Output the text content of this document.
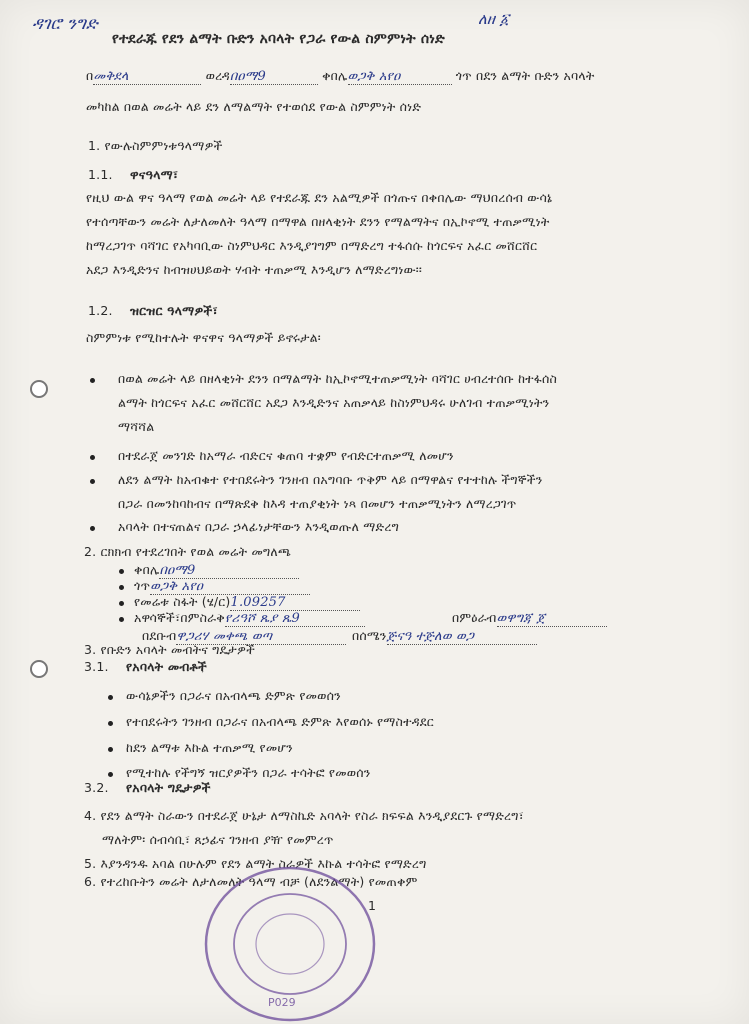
ዳገሮ ንግድ
የተደራጁ የደን ልማት ቡድን አባላት የጋራ የውል ስምምነት ሰነድ
ለዘ ፩
በመቅደላ	ወረዳበዐማ9	ቀበሌወጋቅ አየዐ	ጎጥ በደን ልማት ቡድን አባላት
መካከል በወል መሬት ላይ ደን ለማልማት የተወሰደ የውል ስምምነት ሰነድ
1. የውሉስምምነቱዓላማዎች
1.1. ዋናዓላማ፣
የዚህ ውል ዋና ዓላማ የወል መሬት ላይ የተደራጁ ደን አልሚዎች በጎጡና በቀበሌው ማህበረሰብ ውሳኔ
የተሰጣቸውን መሬት ለታለመለት ዓላማ በማዋል በዘላቂነት ደንን የማልማትና በኢኮኖሚ ተጠቃሚነት
ከማረጋገጥ ባሻገር የአካባቢው ስነምህዳር እንዲያገግም በማድረግ ተፋሰሱ ከጎርፍና አፈር መሸርሸር
አደጋ እንዲድንና ከብዝሀህይወት ሃብት ተጠቃሚ እንዲሆን ለማድረግነው፡፡
1.2. ዝርዝር ዓላማዎች፣
ስምምነቱ የሚከተሉት ዋናዋና ዓላማዎች ይኖሩታል፡
በወል መሬት ላይ በዘላቂነት ደንን በማልማት ከኢኮኖሚተጠቃሚነት ባሻገር ሀብረተሰቡ ከተፋሰስ
ልማት ከጎርፍና አፈር መሸርሸር አደጋ እንዲድንና አጠቃላይ ከስነምህዳሩ ሁለገብ ተጠቃሚነትን
ማሻሻል
በተደራጀ መንገድ ከአማራ ብድርና ቁጠባ ተቋም የብድርተጠቃሚ ለመሆን
ለደን ልማት ከአብቁተ የተበደሩትን ገንዘብ በአግባቡ ጥቅም ላይ በማዋልና የተተከሉ ችግኞችን
በጋራ በመንከባከብና በማጽደቅ ከእዳ ተጠያቂነት ነጻ በመሆን ተጠቃሚነትን ለማረጋገጥ
አባላት በተናጠልና በጋራ ኃላፊነታቸውን እንዲወጡለ ማድረግ
2. ርክክብ የተደረገበት የወል መሬት መግለጫ
ቀበሌበዐማ9
ጎጥወጋቅ አየዐ
የመሬቱ ስፋት (ሄ/ር)1.09257
አዋሳኞች፣በምስራቅየሪዓሾ ጼያ ጼ9	በምዕራብወዋግጃ ጀ
በደቡብዋጋሪሃ መቀጫ ወጣ	በሰሜንጅናዓ ተጅለወ ወጋ
3. የቡድን አባላት መብትና ግዴታዎች
3.1. የአባላት መብቶች
ውሳኔዎችን በጋራና በአብላጫ ድምጽ የመወሰን
የተበደሩትን ገንዘብ በጋራና በአብላጫ ድምጽ እየወሰኑ የማስተዳደር
ከደን ልማቱ እኩል ተጠቃሚ የመሆን
የሚተከሉ የችግኝ ዝርያዎችን በጋራ ተሳትፎ የመወሰን
3.2. የአባላት ግዴታዎች
4. የደን ልማት ስራውን በተደራጀ ሁኔታ ለማስኬድ አባላት የስራ ክፍፍል እንዲያደርጉ የማድረግ፣
ማለትም፡ ሰብሳቢ፣ ጸኃፊና ገንዘብ ያዥ የመምረጥ
5. እያንዳንዱ አባል በሁሉም የደን ልማት ስራዎች እኩል ተሳትፎ የማድረግ
6. የተረከቡትን መሬት ለታለመለት ዓላማ ብቻ (ለደንልማት) የመጠቀም
1
P029
